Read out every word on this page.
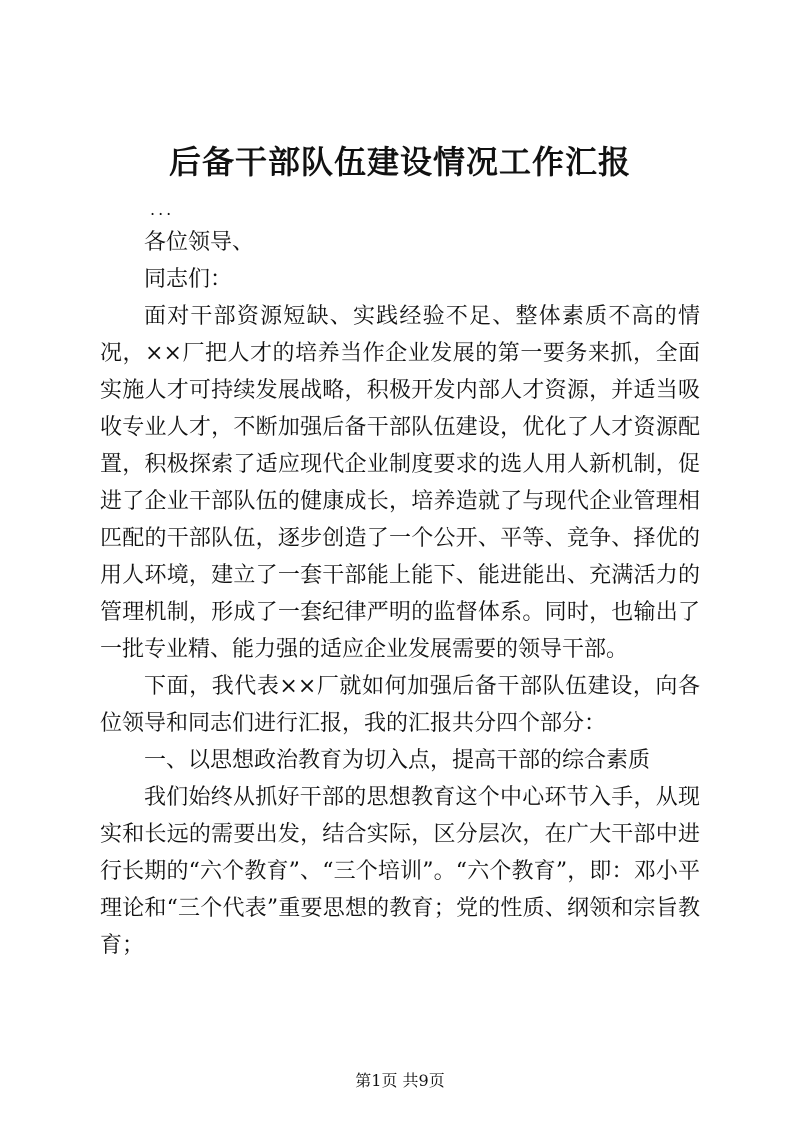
后备干部队伍建设情况工作汇报
...

各位领导、

同志们：

面对干部资源短缺、实践经验不足、整体素质不高的情况，××厂把人才的培养当作企业发展的第一要务来抓，全面实施人才可持续发展战略，积极开发内部人才资源，并适当吸收专业人才，不断加强后备干部队伍建设，优化了人才资源配置，积极探索了适应现代企业制度要求的选人用人新机制，促进了企业干部队伍的健康成长，培养造就了与现代企业管理相匹配的干部队伍，逐步创造了一个公开、平等、竞争、择优的用人环境，建立了一套干部能上能下、能进能出、充满活力的管理机制，形成了一套纪律严明的监督体系。同时，也输出了一批专业精、能力强的适应企业发展需要的领导干部。

下面，我代表××厂就如何加强后备干部队伍建设，向各位领导和同志们进行汇报，我的汇报共分四个部分：

一、以思想政治教育为切入点，提高干部的综合素质

我们始终从抓好干部的思想教育这个中心环节入手，从现实和长远的需要出发，结合实际，区分层次，在广大干部中进行长期的“六个教育”、“三个培训”。“六个教育”，即：邓小平理论和“三个代表”重要思想的教育；党的性质、纲领和宗旨教育；

第1页 共9页
